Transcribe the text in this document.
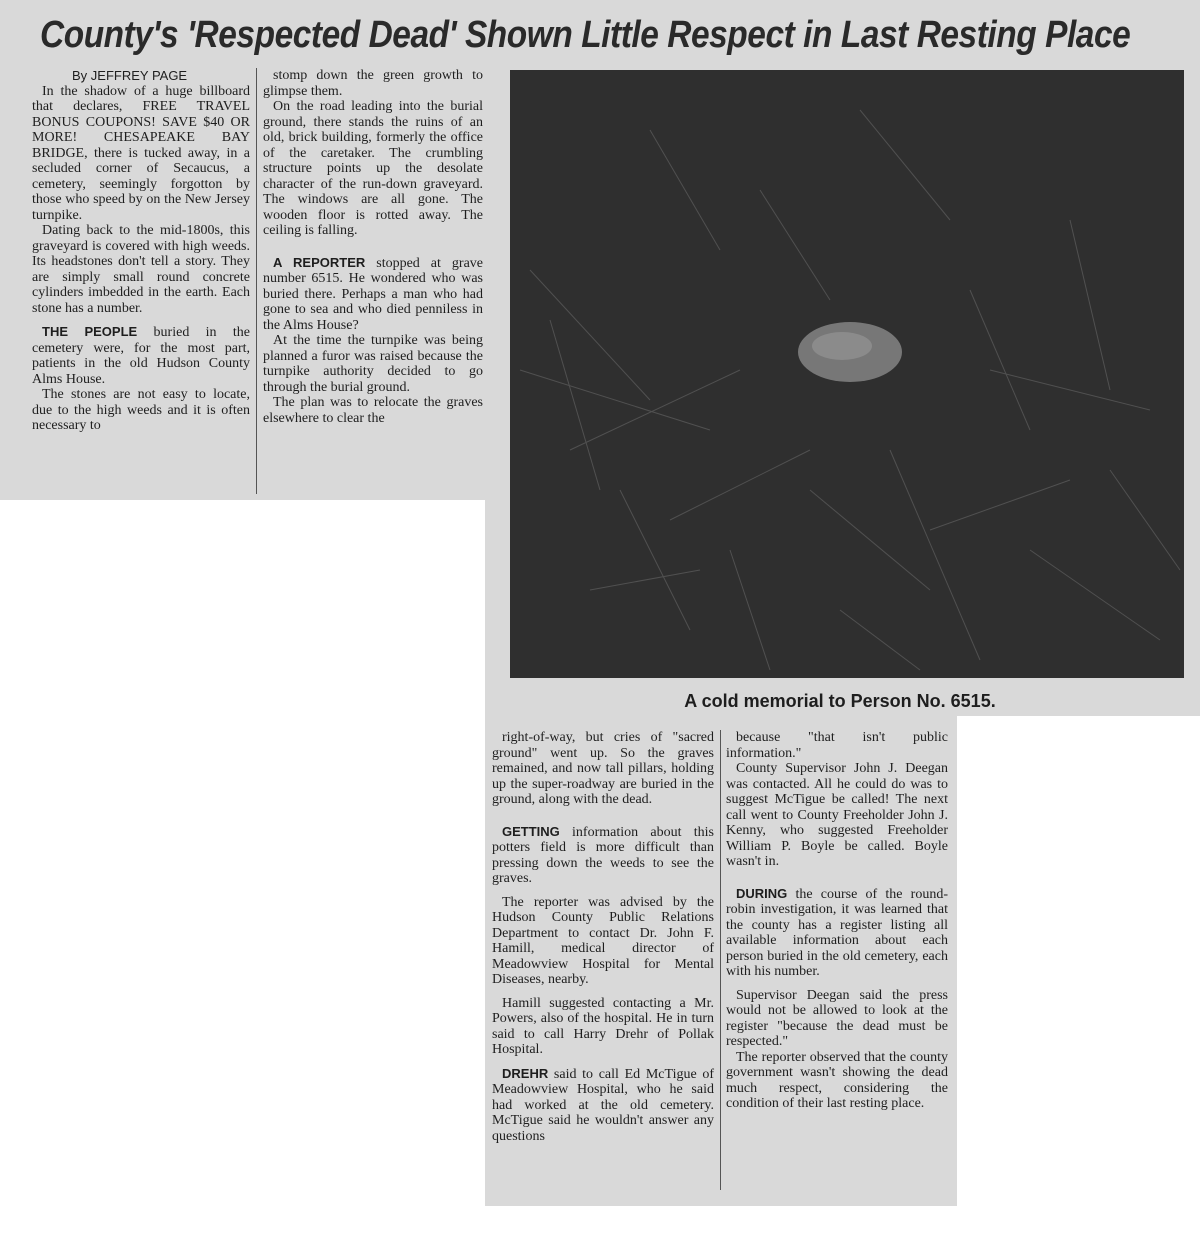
County's 'Respected Dead' Shown Little Respect in Last Resting Place

By JEFFREY PAGE

In the shadow of a huge billboard that declares, FREE TRAVEL BONUS COUPONS! SAVE $40 OR MORE! CHESAPEAKE BAY BRIDGE, there is tucked away, in a secluded corner of Secaucus, a cemetery, seemingly forgotton by those who speed by on the New Jersey turnpike.

Dating back to the mid-1800s, this graveyard is covered with high weeds. Its headstones don't tell a story. They are simply small round concrete cylinders imbedded in the earth. Each stone has a number.

THE PEOPLE buried in the cemetery were, for the most part, patients in the old Hudson County Alms House.

The stones are not easy to locate, due to the high weeds and it is often necessary to

stomp down the green growth to glimpse them.

On the road leading into the burial ground, there stands the ruins of an old, brick building, formerly the office of the caretaker. The crumbling structure points up the desolate character of the run-down graveyard. The windows are all gone. The wooden floor is rotted away. The ceiling is falling.

A REPORTER stopped at grave number 6515. He wondered who was buried there. Perhaps a man who had gone to sea and who died penniless in the Alms House?

At the time the turnpike was being planned a furor was raised because the turnpike authority decided to go through the burial ground.

The plan was to relocate the graves elsewhere to clear the

A cold memorial to Person No. 6515.

right-of-way, but cries of "sacred ground" went up. So the graves remained, and now tall pillars, holding up the super-roadway are buried in the ground, along with the dead.

GETTING information about this potters field is more difficult than pressing down the weeds to see the graves.

The reporter was advised by the Hudson County Public Relations Department to contact Dr. John F. Hamill, medical director of Meadowview Hospital for Mental Diseases, nearby.

Hamill suggested contacting a Mr. Powers, also of the hospital. He in turn said to call Harry Drehr of Pollak Hospital.

DREHR said to call Ed McTigue of Meadowview Hospital, who he said had worked at the old cemetery. McTigue said he wouldn't answer any questions

because "that isn't public information."

County Supervisor John J. Deegan was contacted. All he could do was to suggest McTigue be called! The next call went to County Freeholder John J. Kenny, who suggested Freeholder William P. Boyle be called. Boyle wasn't in.

DURING the course of the round-robin investigation, it was learned that the county has a register listing all available information about each person buried in the old cemetery, each with his number.

Supervisor Deegan said the press would not be allowed to look at the register "because the dead must be respected."

The reporter observed that the county government wasn't showing the dead much respect, considering the condition of their last resting place.
